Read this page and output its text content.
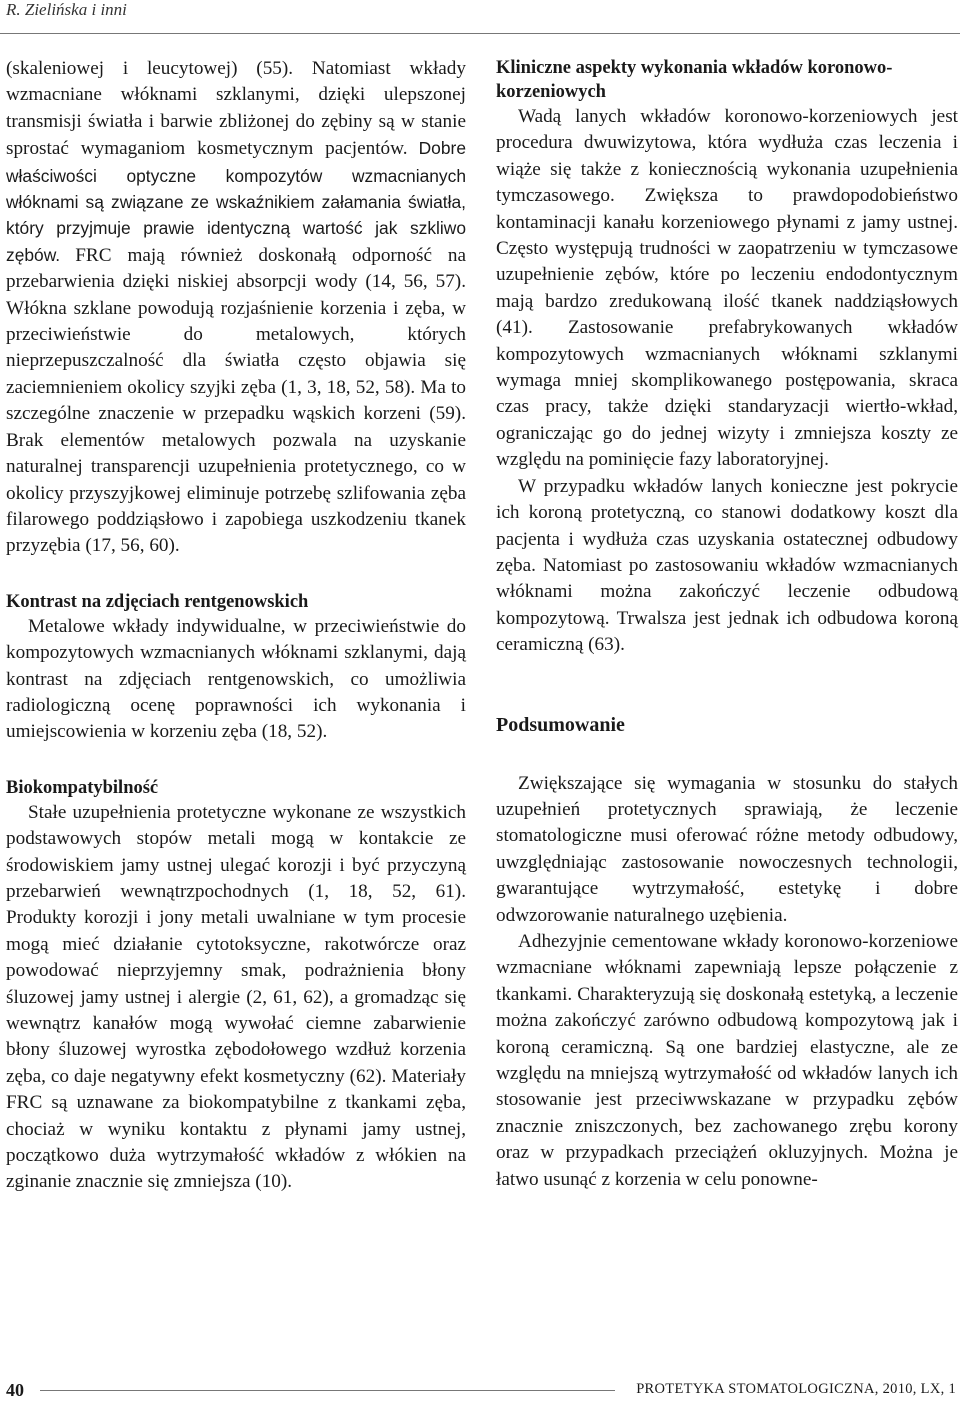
R. Zielińska i inni

(skaleniowej i leucytowej) (55). Natomiast wkłady wzmacniane włóknami szklanymi, dzięki ulepszonej transmisji światła i barwie zbliżonej do zębiny są w stanie sprostać wymaganiom kosmetycznym pacjentów. Dobre właściwości optyczne kompozytów wzmacnianych włóknami są związane ze wskaźnikiem załamania światła, który przyjmuje prawie identyczną wartość jak szkliwo zębów. FRC mają również doskonałą odporność na przebarwienia dzięki niskiej absorpcji wody (14, 56, 57). Włókna szklane powodują rozjaśnienie korzenia i zęba, w przeciwieństwie do metalowych, których nieprzepuszczalność dla światła często objawia się zaciemnieniem okolicy szyjki zęba (1, 3, 18, 52, 58). Ma to szczególne znaczenie w przepadku wąskich korzeni (59). Brak elementów metalowych pozwala na uzyskanie naturalnej transparencji uzupełnienia protetycznego, co w okolicy przyszyjkowej eliminuje potrzebę szlifowania zęba filarowego poddziąsłowo i zapobiega uszkodzeniu tkanek przyzębia (17, 56, 60).

Kontrast na zdjęciach rentgenowskich

Metalowe wkłady indywidualne, w przeciwieństwie do kompozytowych wzmacnianych włóknami szklanymi, dają kontrast na zdjęciach rentgenowskich, co umożliwia radiologiczną ocenę poprawności ich wykonania i umiejscowienia w korzeniu zęba (18, 52).

Biokompatybilność

Stałe uzupełnienia protetyczne wykonane ze wszystkich podstawowych stopów metali mogą w kontakcie ze środowiskiem jamy ustnej ulegać korozji i być przyczyną przebarwień wewnątrzpochodnych (1, 18, 52, 61). Produkty korozji i jony metali uwalniane w tym procesie mogą mieć działanie cytotoksyczne, rakotwórcze oraz powodować nieprzyjemny smak, podrażnienia błony śluzowej jamy ustnej i alergie (2, 61, 62), a gromadząc się wewnątrz kanałów mogą wywołać ciemne zabarwienie błony śluzowej wyrostka zębodołowego wzdłuż korzenia zęba, co daje negatywny efekt kosmetyczny (62). Materiały FRC są uznawane za biokompatybilne z tkankami zęba, chociaż w wyniku kontaktu z płynami jamy ustnej, początkowo duża wytrzymałość wkładów z włókien na zginanie znacznie się zmniejsza (10).

Kliniczne aspekty wykonania wkładów koronowo-korzeniowych

Wadą lanych wkładów koronowo-korzeniowych jest procedura dwuwizytowa, która wydłuża czas leczenia i wiąże się także z koniecznością wykonania uzupełnienia tymczasowego. Zwiększa to prawdopodobieństwo kontaminacji kanału korzeniowego płynami z jamy ustnej. Często występują trudności w zaopatrzeniu w tymczasowe uzupełnienie zębów, które po leczeniu endodontycznym mają bardzo zredukowaną ilość tkanek naddziąsłowych (41). Zastosowanie prefabrykowanych wkładów kompozytowych wzmacnianych włóknami szklanymi wymaga mniej skomplikowanego postępowania, skraca czas pracy, także dzięki standaryzacji wiertło-wkład, ograniczając go do jednej wizyty i zmniejsza koszty ze względu na pominięcie fazy laboratoryjnej.

W przypadku wkładów lanych konieczne jest pokrycie ich koroną protetyczną, co stanowi dodatkowy koszt dla pacjenta i wydłuża czas uzyskania ostatecznej odbudowy zęba. Natomiast po zastosowaniu wkładów wzmacnianych włóknami można zakończyć leczenie odbudową kompozytową. Trwalsza jest jednak ich odbudowa koroną ceramiczną (63).

Podsumowanie

Zwiększające się wymagania w stosunku do stałych uzupełnień protetycznych sprawiają, że leczenie stomatologiczne musi oferować różne metody odbudowy, uwzględniając zastosowanie nowoczesnych technologii, gwarantujące wytrzymałość, estetykę i dobre odwzorowanie naturalnego uzębienia.

Adhezyjnie cementowane wkłady koronowo-korzeniowe wzmacniane włóknami zapewniają lepsze połączenie z tkankami. Charakteryzują się doskonałą estetyką, a leczenie można zakończyć zarówno odbudową kompozytową jak i koroną ceramiczną. Są one bardziej elastyczne, ale ze względu na mniejszą wytrzymałość od wkładów lanych ich stosowanie jest przeciwwskazane w przypadku zębów znacznie zniszczonych, bez zachowanego zrębu korony oraz w przypadkach przeciążeń okluzyjnych. Można je łatwo usunąć z korzenia w celu ponowne-

40	PROTETYKA STOMATOLOGICZNA, 2010, LX, 1
